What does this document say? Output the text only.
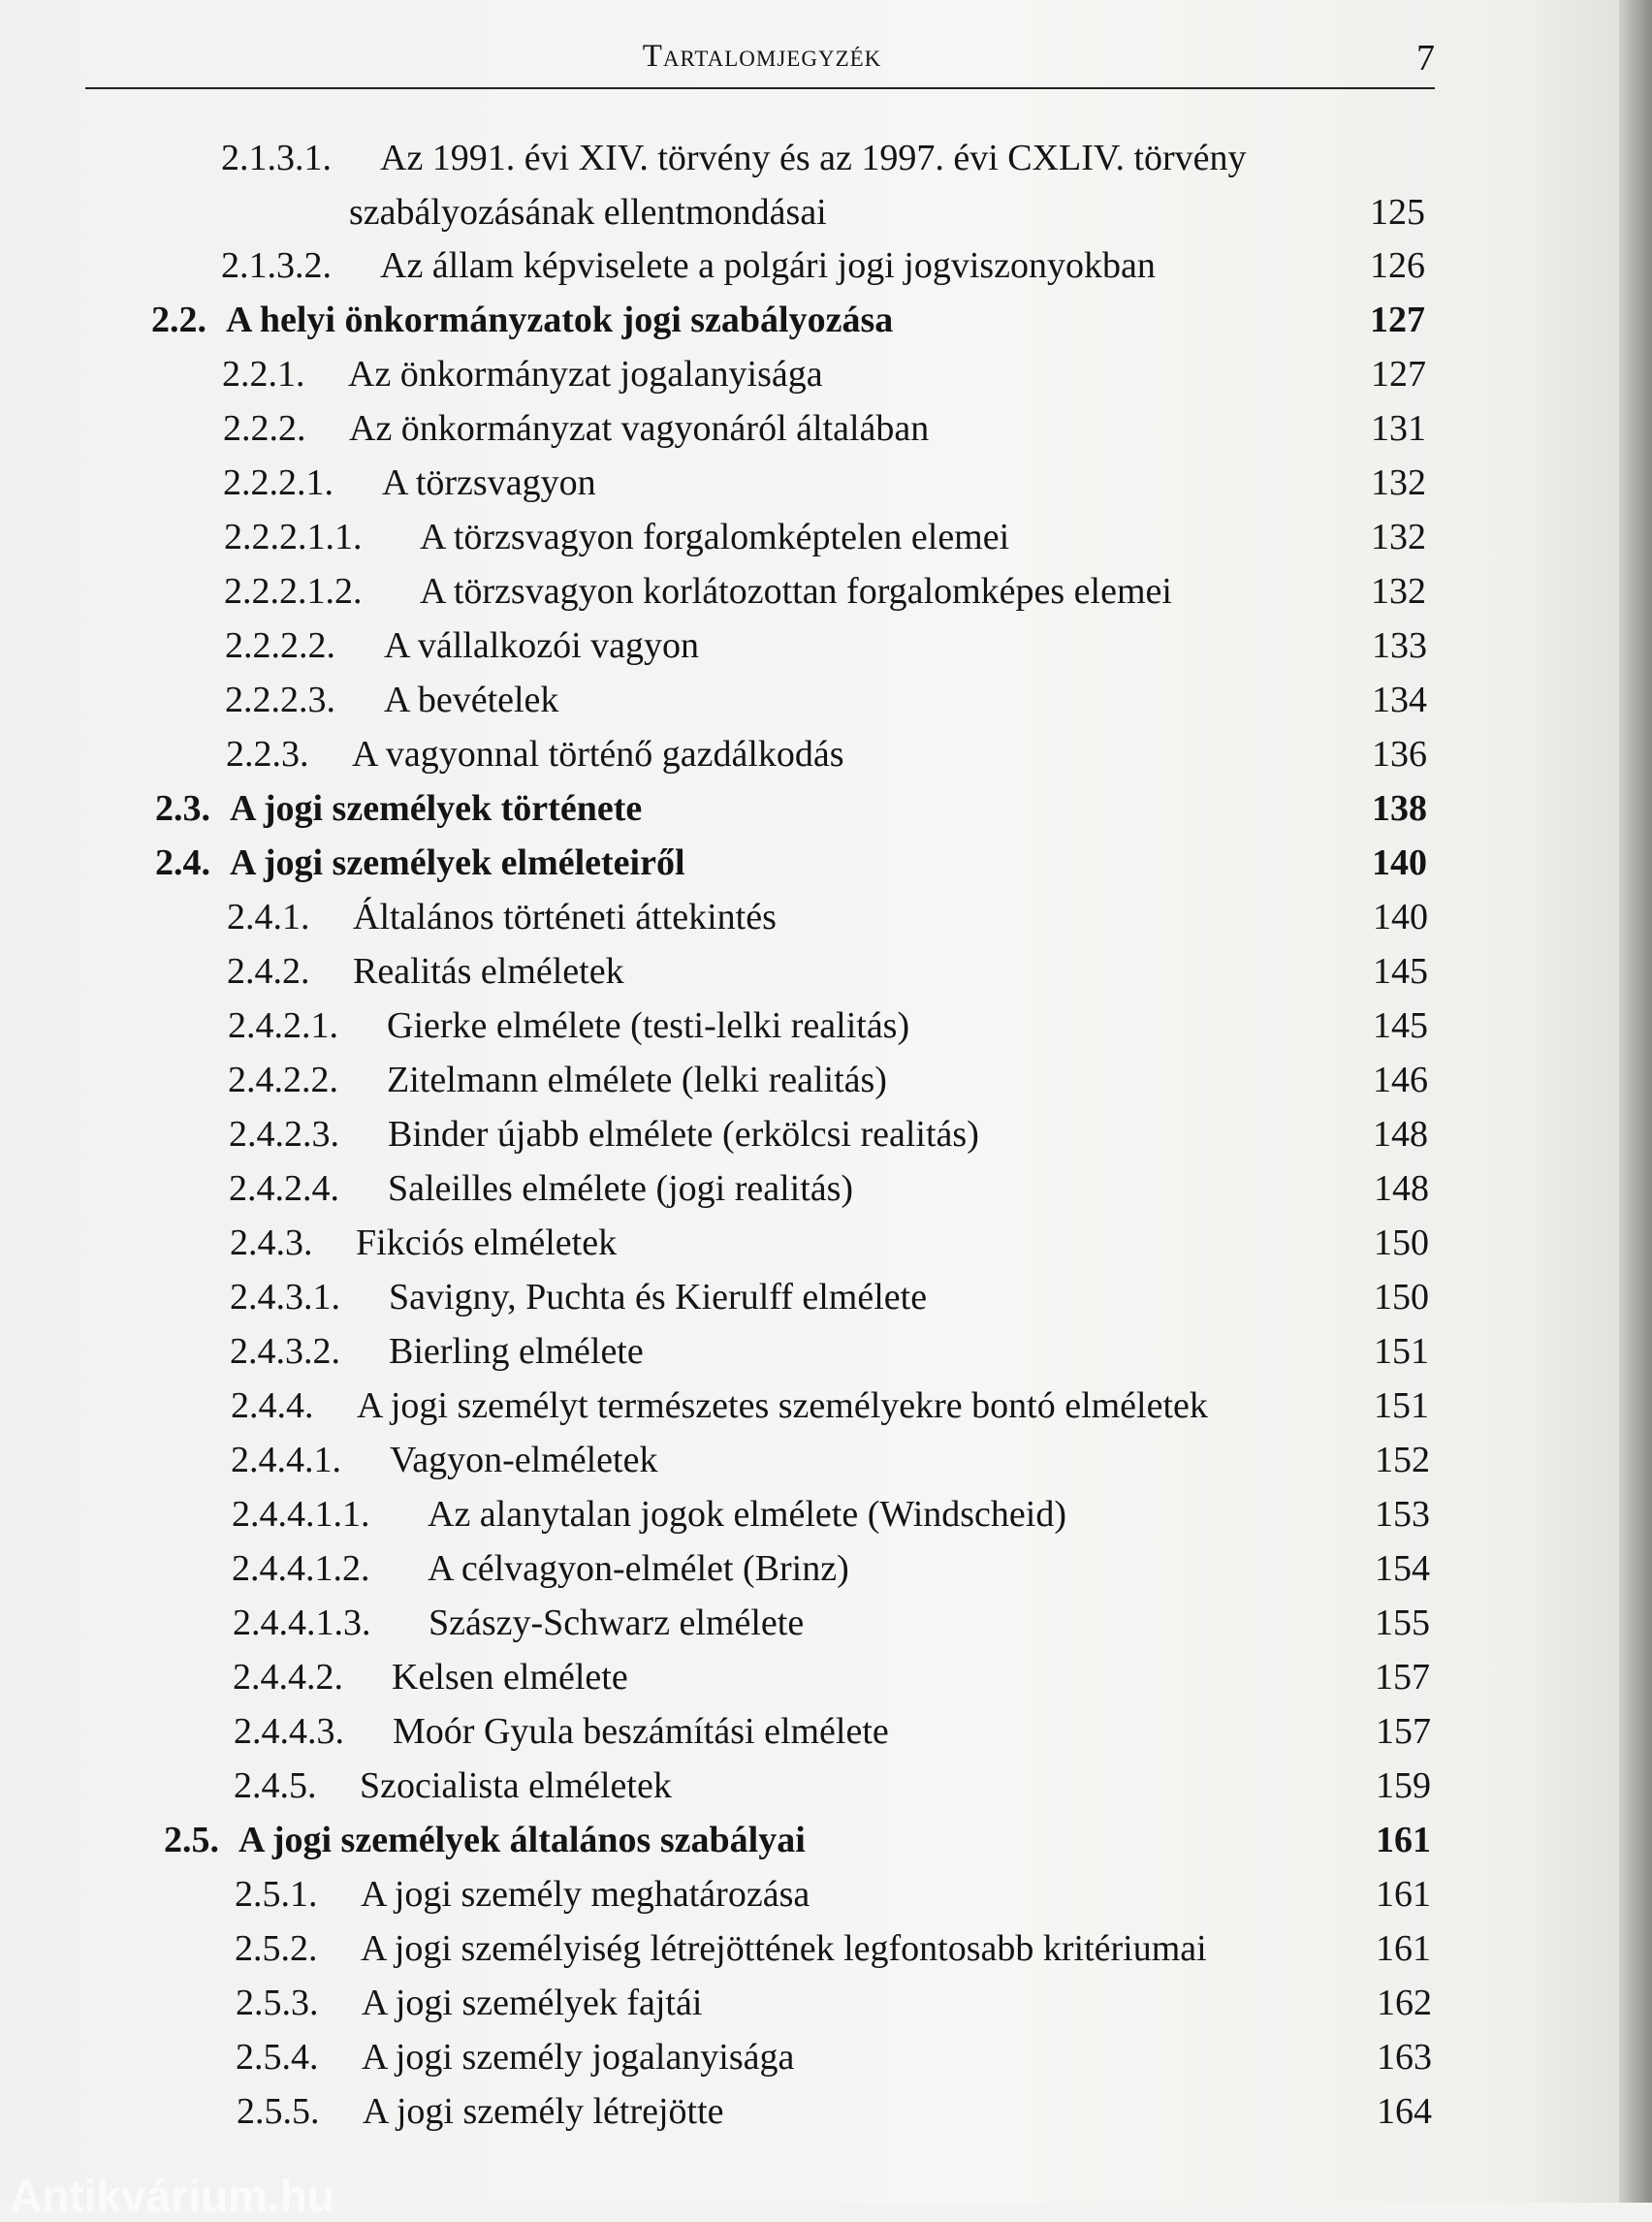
Tartalomjegyzék	7
2.1.3.1. Az 1991. évi XIV. törvény és az 1997. évi CXLIV. törvény
szabályozásának ellentmondásai	125
2.1.3.2. Az állam képviselete a polgári jogi jogviszonyokban	126
2.2. A helyi önkormányzatok jogi szabályozása	127
2.2.1. Az önkormányzat jogalanyisága	127
2.2.2. Az önkormányzat vagyonáról általában	131
2.2.2.1. A törzsvagyon	132
2.2.2.1.1. A törzsvagyon forgalomképtelen elemei	132
2.2.2.1.2. A törzsvagyon korlátozottan forgalomképes elemei	132
2.2.2.2. A vállalkozói vagyon	133
2.2.2.3. A bevételek	134
2.2.3. A vagyonnal történő gazdálkodás	136
2.3. A jogi személyek története	138
2.4. A jogi személyek elméleteiről	140
2.4.1. Általános történeti áttekintés	140
2.4.2. Realitás elméletek	145
2.4.2.1. Gierke elmélete (testi-lelki realitás)	145
2.4.2.2. Zitelmann elmélete (lelki realitás)	146
2.4.2.3. Binder újabb elmélete (erkölcsi realitás)	148
2.4.2.4. Saleilles elmélete (jogi realitás)	148
2.4.3. Fikciós elméletek	150
2.4.3.1. Savigny, Puchta és Kierulff elmélete	150
2.4.3.2. Bierling elmélete	151
2.4.4. A jogi személyt természetes személyekre bontó elméletek	151
2.4.4.1. Vagyon-elméletek	152
2.4.4.1.1. Az alanytalan jogok elmélete (Windscheid)	153
2.4.4.1.2. A célvagyon-elmélet (Brinz)	154
2.4.4.1.3. Szászy-Schwarz elmélete	155
2.4.4.2. Kelsen elmélete	157
2.4.4.3. Moór Gyula beszámítási elmélete	157
2.4.5. Szocialista elméletek	159
2.5. A jogi személyek általános szabályai	161
2.5.1. A jogi személy meghatározása	161
2.5.2. A jogi személyiség létrejöttének legfontosabb kritériumai	161
2.5.3. A jogi személyek fajtái	162
2.5.4. A jogi személy jogalanyisága	163
2.5.5. A jogi személy létrejötte	164
Antikvárium.hu
